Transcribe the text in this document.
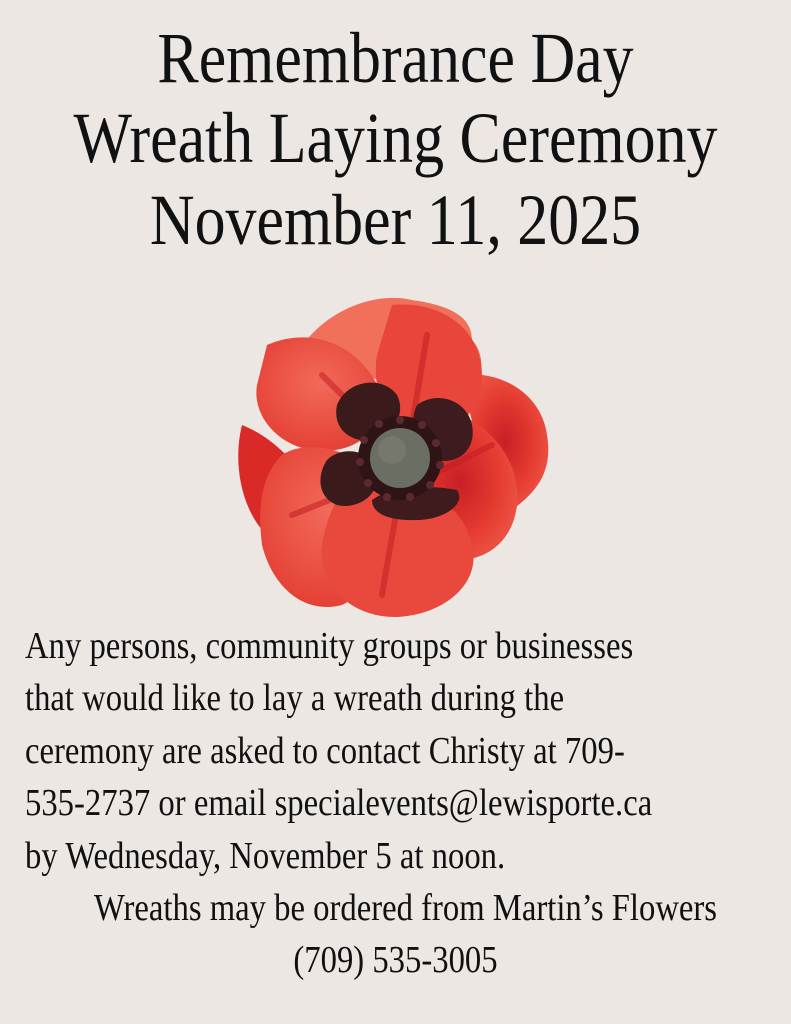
Remembrance Day
Wreath Laying Ceremony
November 11, 2025
Any persons, community groups or businesses
that would like to lay a wreath during the
ceremony are asked to contact Christy at 709-
535-2737 or email specialevents@lewisporte.ca
by Wednesday, November 5 at noon.
Wreaths may be ordered from Martin’s Flowers
(709) 535-3005
